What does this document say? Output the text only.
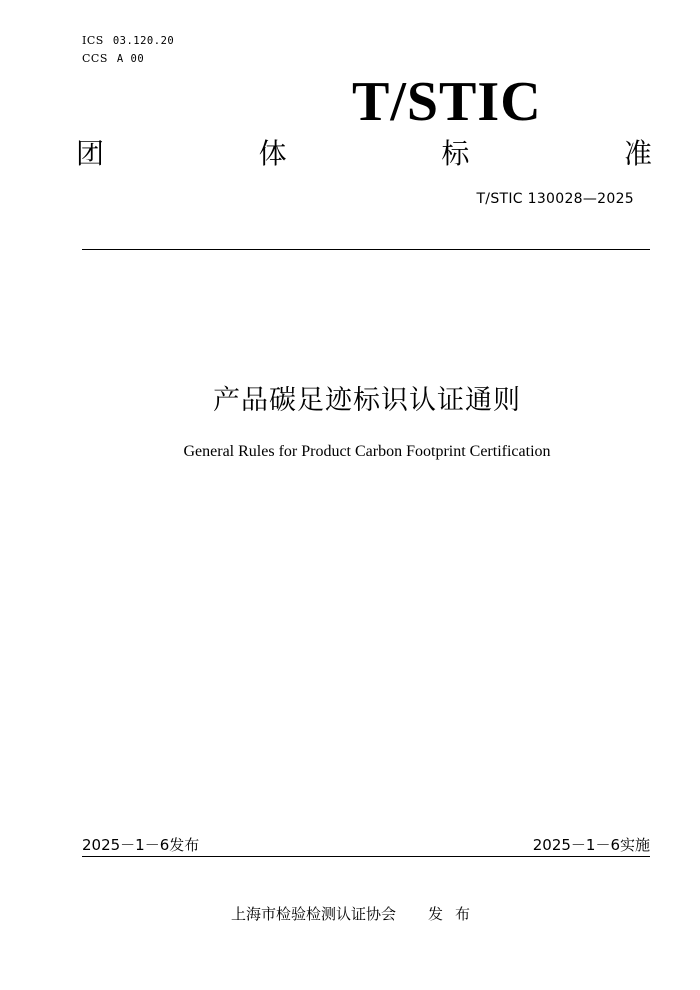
ICS 03.120.20
CCS A 00
T/STIC
团	体	标	准
T/STIC 130028—2025
产品碳足迹标识认证通则
General Rules for Product Carbon Footprint Certification
2025－1－6发布	2025－1－6实施
上海市检验检测认证协会 发布
